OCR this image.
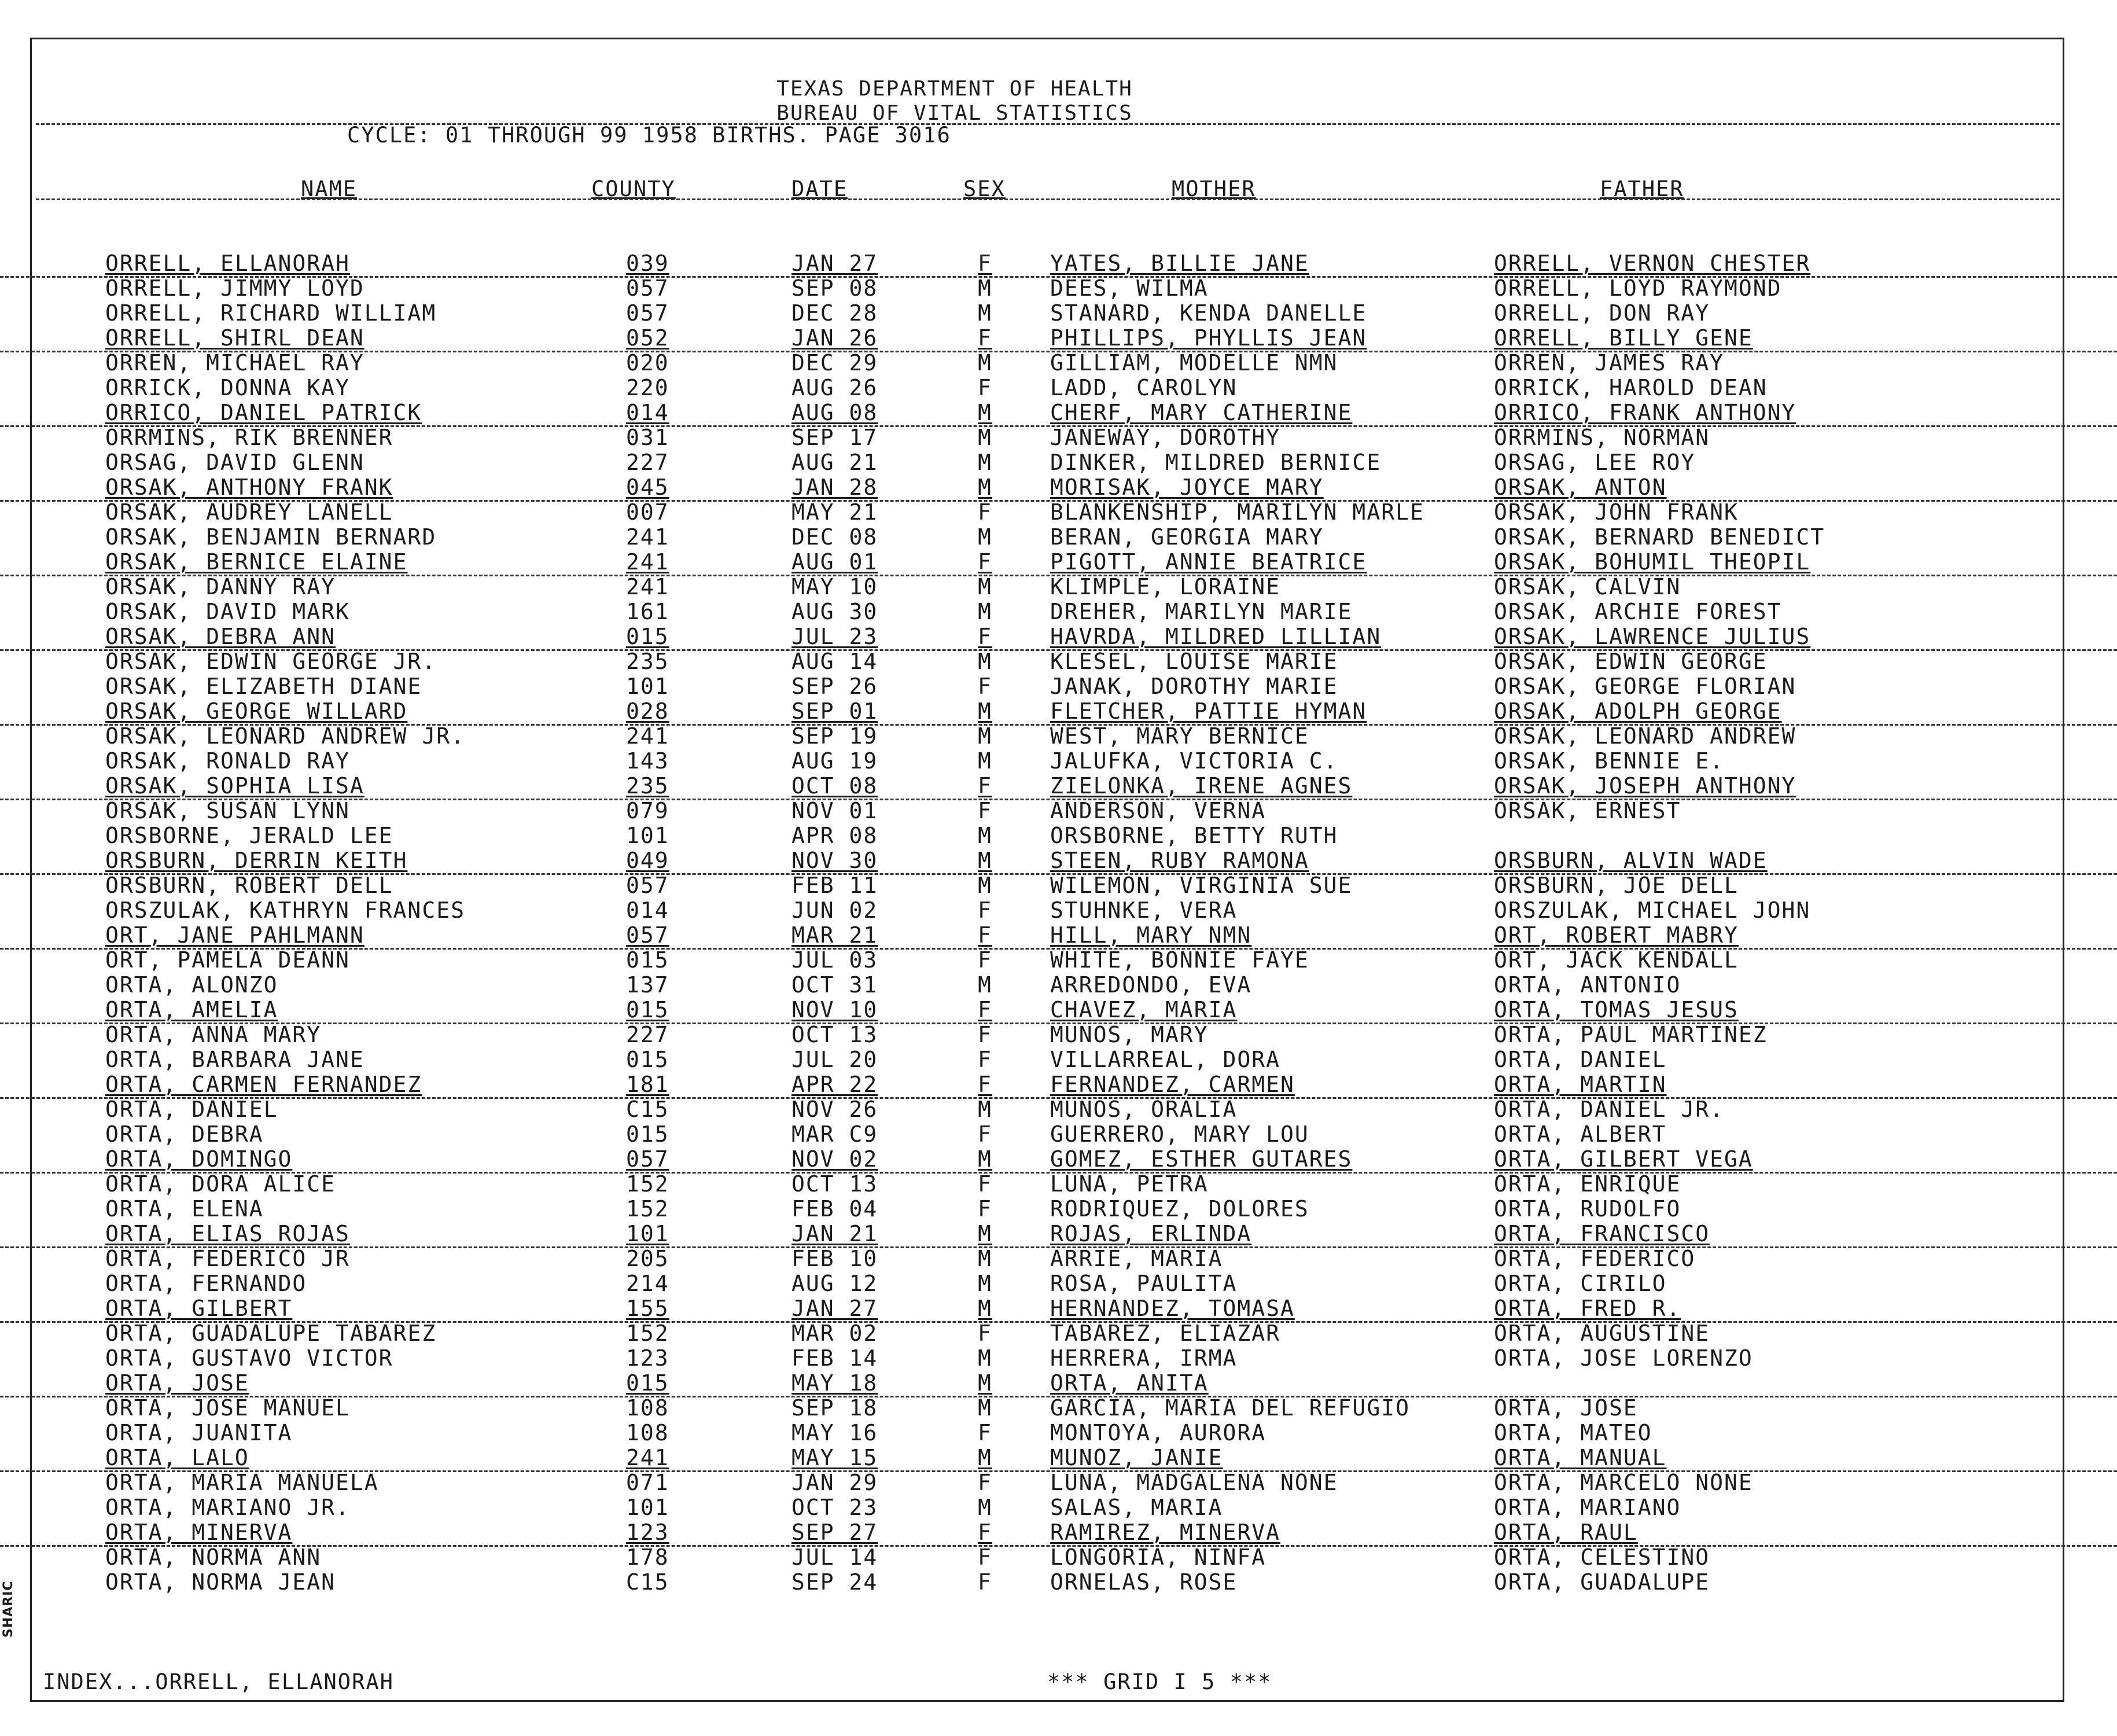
TEXAS DEPARTMENT OF HEALTH
BUREAU OF VITAL STATISTICS
CYCLE: 01 THROUGH 99 1958 BIRTHS. PAGE 3016
NAME	COUNTY	DATE	SEX	MOTHER	FATHER
ORRELL, ELLANORAH	039	JAN 27	F	YATES, BILLIE JANE	ORRELL, VERNON CHESTER
ORRELL, JIMMY LOYD	057	SEP 08	M	DEES, WILMA	ORRELL, LOYD RAYMOND
ORRELL, RICHARD WILLIAM	057	DEC 28	M	STANARD, KENDA DANELLE	ORRELL, DON RAY
ORRELL, SHIRL DEAN	052	JAN 26	F	PHILLIPS, PHYLLIS JEAN	ORRELL, BILLY GENE
ORREN, MICHAEL RAY	020	DEC 29	M	GILLIAM, MODELLE NMN	ORREN, JAMES RAY
ORRICK, DONNA KAY	220	AUG 26	F	LADD, CAROLYN	ORRICK, HAROLD DEAN
ORRICO, DANIEL PATRICK	014	AUG 08	M	CHERF, MARY CATHERINE	ORRICO, FRANK ANTHONY
ORRMINS, RIK BRENNER	031	SEP 17	M	JANEWAY, DOROTHY	ORRMINS, NORMAN
ORSAG, DAVID GLENN	227	AUG 21	M	DINKER, MILDRED BERNICE	ORSAG, LEE ROY
ORSAK, ANTHONY FRANK	045	JAN 28	M	MORISAK, JOYCE MARY	ORSAK, ANTON
ORSAK, AUDREY LANELL	007	MAY 21	F	BLANKENSHIP, MARILYN MARLE	ORSAK, JOHN FRANK
ORSAK, BENJAMIN BERNARD	241	DEC 08	M	BERAN, GEORGIA MARY	ORSAK, BERNARD BENEDICT
ORSAK, BERNICE ELAINE	241	AUG 01	F	PIGOTT, ANNIE BEATRICE	ORSAK, BOHUMIL THEOPIL
ORSAK, DANNY RAY	241	MAY 10	M	KLIMPLE, LORAINE	ORSAK, CALVIN
ORSAK, DAVID MARK	161	AUG 30	M	DREHER, MARILYN MARIE	ORSAK, ARCHIE FOREST
ORSAK, DEBRA ANN	015	JUL 23	F	HAVRDA, MILDRED LILLIAN	ORSAK, LAWRENCE JULIUS
ORSAK, EDWIN GEORGE JR.	235	AUG 14	M	KLESEL, LOUISE MARIE	ORSAK, EDWIN GEORGE
ORSAK, ELIZABETH DIANE	101	SEP 26	F	JANAK, DOROTHY MARIE	ORSAK, GEORGE FLORIAN
ORSAK, GEORGE WILLARD	028	SEP 01	M	FLETCHER, PATTIE HYMAN	ORSAK, ADOLPH GEORGE
ORSAK, LEONARD ANDREW JR.	241	SEP 19	M	WEST, MARY BERNICE	ORSAK, LEONARD ANDREW
ORSAK, RONALD RAY	143	AUG 19	M	JALUFKA, VICTORIA C.	ORSAK, BENNIE E.
ORSAK, SOPHIA LISA	235	OCT 08	F	ZIELONKA, IRENE AGNES	ORSAK, JOSEPH ANTHONY
ORSAK, SUSAN LYNN	079	NOV 01	F	ANDERSON, VERNA	ORSAK, ERNEST
ORSBORNE, JERALD LEE	101	APR 08	M	ORSBORNE, BETTY RUTH
ORSBURN, DERRIN KEITH	049	NOV 30	M	STEEN, RUBY RAMONA	ORSBURN, ALVIN WADE
ORSBURN, ROBERT DELL	057	FEB 11	M	WILEMON, VIRGINIA SUE	ORSBURN, JOE DELL
ORSZULAK, KATHRYN FRANCES	014	JUN 02	F	STUHNKE, VERA	ORSZULAK, MICHAEL JOHN
ORT, JANE PAHLMANN	057	MAR 21	F	HILL, MARY NMN	ORT, ROBERT MABRY
ORT, PAMELA DEANN	015	JUL 03	F	WHITE, BONNIE FAYE	ORT, JACK KENDALL
ORTA, ALONZO	137	OCT 31	M	ARREDONDO, EVA	ORTA, ANTONIO
ORTA, AMELIA	015	NOV 10	F	CHAVEZ, MARIA	ORTA, TOMAS JESUS
ORTA, ANNA MARY	227	OCT 13	F	MUNOS, MARY	ORTA, PAUL MARTINEZ
ORTA, BARBARA JANE	015	JUL 20	F	VILLARREAL, DORA	ORTA, DANIEL
ORTA, CARMEN FERNANDEZ	181	APR 22	F	FERNANDEZ, CARMEN	ORTA, MARTIN
ORTA, DANIEL	C15	NOV 26	M	MUNOS, ORALIA	ORTA, DANIEL JR.
ORTA, DEBRA	015	MAR C9	F	GUERRERO, MARY LOU	ORTA, ALBERT
ORTA, DOMINGO	057	NOV 02	M	GOMEZ, ESTHER GUTARES	ORTA, GILBERT VEGA
ORTA, DORA ALICE	152	OCT 13	F	LUNA, PETRA	ORTA, ENRIQUE
ORTA, ELENA	152	FEB 04	F	RODRIQUEZ, DOLORES	ORTA, RUDOLFO
ORTA, ELIAS ROJAS	101	JAN 21	M	ROJAS, ERLINDA	ORTA, FRANCISCO
ORTA, FEDERICO JR	205	FEB 10	M	ARRIE, MARIA	ORTA, FEDERICO
ORTA, FERNANDO	214	AUG 12	M	ROSA, PAULITA	ORTA, CIRILO
ORTA, GILBERT	155	JAN 27	M	HERNANDEZ, TOMASA	ORTA, FRED R.
ORTA, GUADALUPE TABAREZ	152	MAR 02	F	TABAREZ, ELIAZAR	ORTA, AUGUSTINE
ORTA, GUSTAVO VICTOR	123	FEB 14	M	HERRERA, IRMA	ORTA, JOSE LORENZO
ORTA, JOSE	015	MAY 18	M	ORTA, ANITA
ORTA, JOSE MANUEL	108	SEP 18	M	GARCIA, MARIA DEL REFUGIO	ORTA, JOSE
ORTA, JUANITA	108	MAY 16	F	MONTOYA, AURORA	ORTA, MATEO
ORTA, LALO	241	MAY 15	M	MUNOZ, JANIE	ORTA, MANUAL
ORTA, MARIA MANUELA	071	JAN 29	F	LUNA, MADGALENA NONE	ORTA, MARCELO NONE
ORTA, MARIANO JR.	101	OCT 23	M	SALAS, MARIA	ORTA, MARIANO
ORTA, MINERVA	123	SEP 27	F	RAMIREZ, MINERVA	ORTA, RAUL
ORTA, NORMA ANN	178	JUL 14	F	LONGORIA, NINFA	ORTA, CELESTINO
ORTA, NORMA JEAN	C15	SEP 24	F	ORNELAS, ROSE	ORTA, GUADALUPE
INDEX...ORRELL, ELLANORAH	*** GRID I 5 ***
SHARIC
